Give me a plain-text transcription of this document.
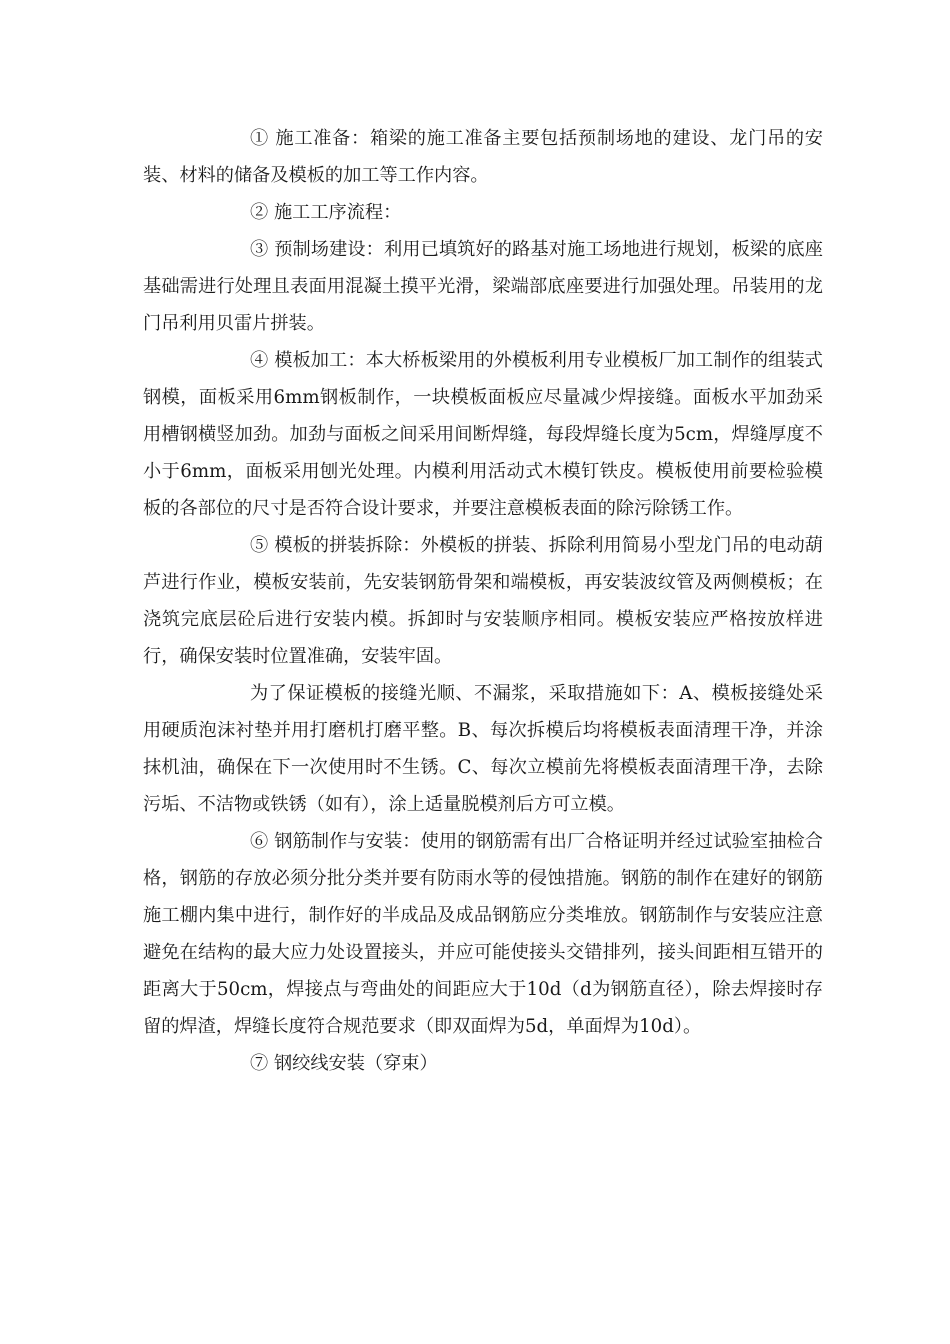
① 施工准备：箱梁的施工准备主要包括预制场地的建设、龙门吊的安装、材料的储备及模板的加工等工作内容。

② 施工工序流程：

③ 预制场建设：利用已填筑好的路基对施工场地进行规划，板梁的底座基础需进行处理且表面用混凝土摸平光滑，梁端部底座要进行加强处理。吊装用的龙门吊利用贝雷片拼装。

④ 模板加工：本大桥板梁用的外模板利用专业模板厂加工制作的组装式钢模，面板采用6mm钢板制作，一块模板面板应尽量减少焊接缝。面板水平加劲采用槽钢横竖加劲。加劲与面板之间采用间断焊缝，每段焊缝长度为5cm，焊缝厚度不小于6mm，面板采用刨光处理。内模利用活动式木模钉铁皮。模板使用前要检验模板的各部位的尺寸是否符合设计要求，并要注意模板表面的除污除锈工作。

⑤ 模板的拼装拆除：外模板的拼装、拆除利用简易小型龙门吊的电动葫芦进行作业，模板安装前，先安装钢筋骨架和端模板，再安装波纹管及两侧模板；在浇筑完底层砼后进行安装内模。拆卸时与安装顺序相同。模板安装应严格按放样进行，确保安装时位置准确，安装牢固。

为了保证模板的接缝光顺、不漏浆，采取措施如下：A、模板接缝处采用硬质泡沫衬垫并用打磨机打磨平整。B、每次拆模后均将模板表面清理干净，并涂抹机油，确保在下一次使用时不生锈。C、每次立模前先将模板表面清理干净，去除污垢、不洁物或铁锈（如有），涂上适量脱模剂后方可立模。

⑥ 钢筋制作与安装：使用的钢筋需有出厂合格证明并经过试验室抽检合格，钢筋的存放必须分批分类并要有防雨水等的侵蚀措施。钢筋的制作在建好的钢筋施工棚内集中进行，制作好的半成品及成品钢筋应分类堆放。钢筋制作与安装应注意避免在结构的最大应力处设置接头，并应可能使接头交错排列，接头间距相互错开的距离大于50cm，焊接点与弯曲处的间距应大于10d（d为钢筋直径），除去焊接时存留的焊渣，焊缝长度符合规范要求（即双面焊为5d，单面焊为10d）。

⑦ 钢绞线安装（穿束）
